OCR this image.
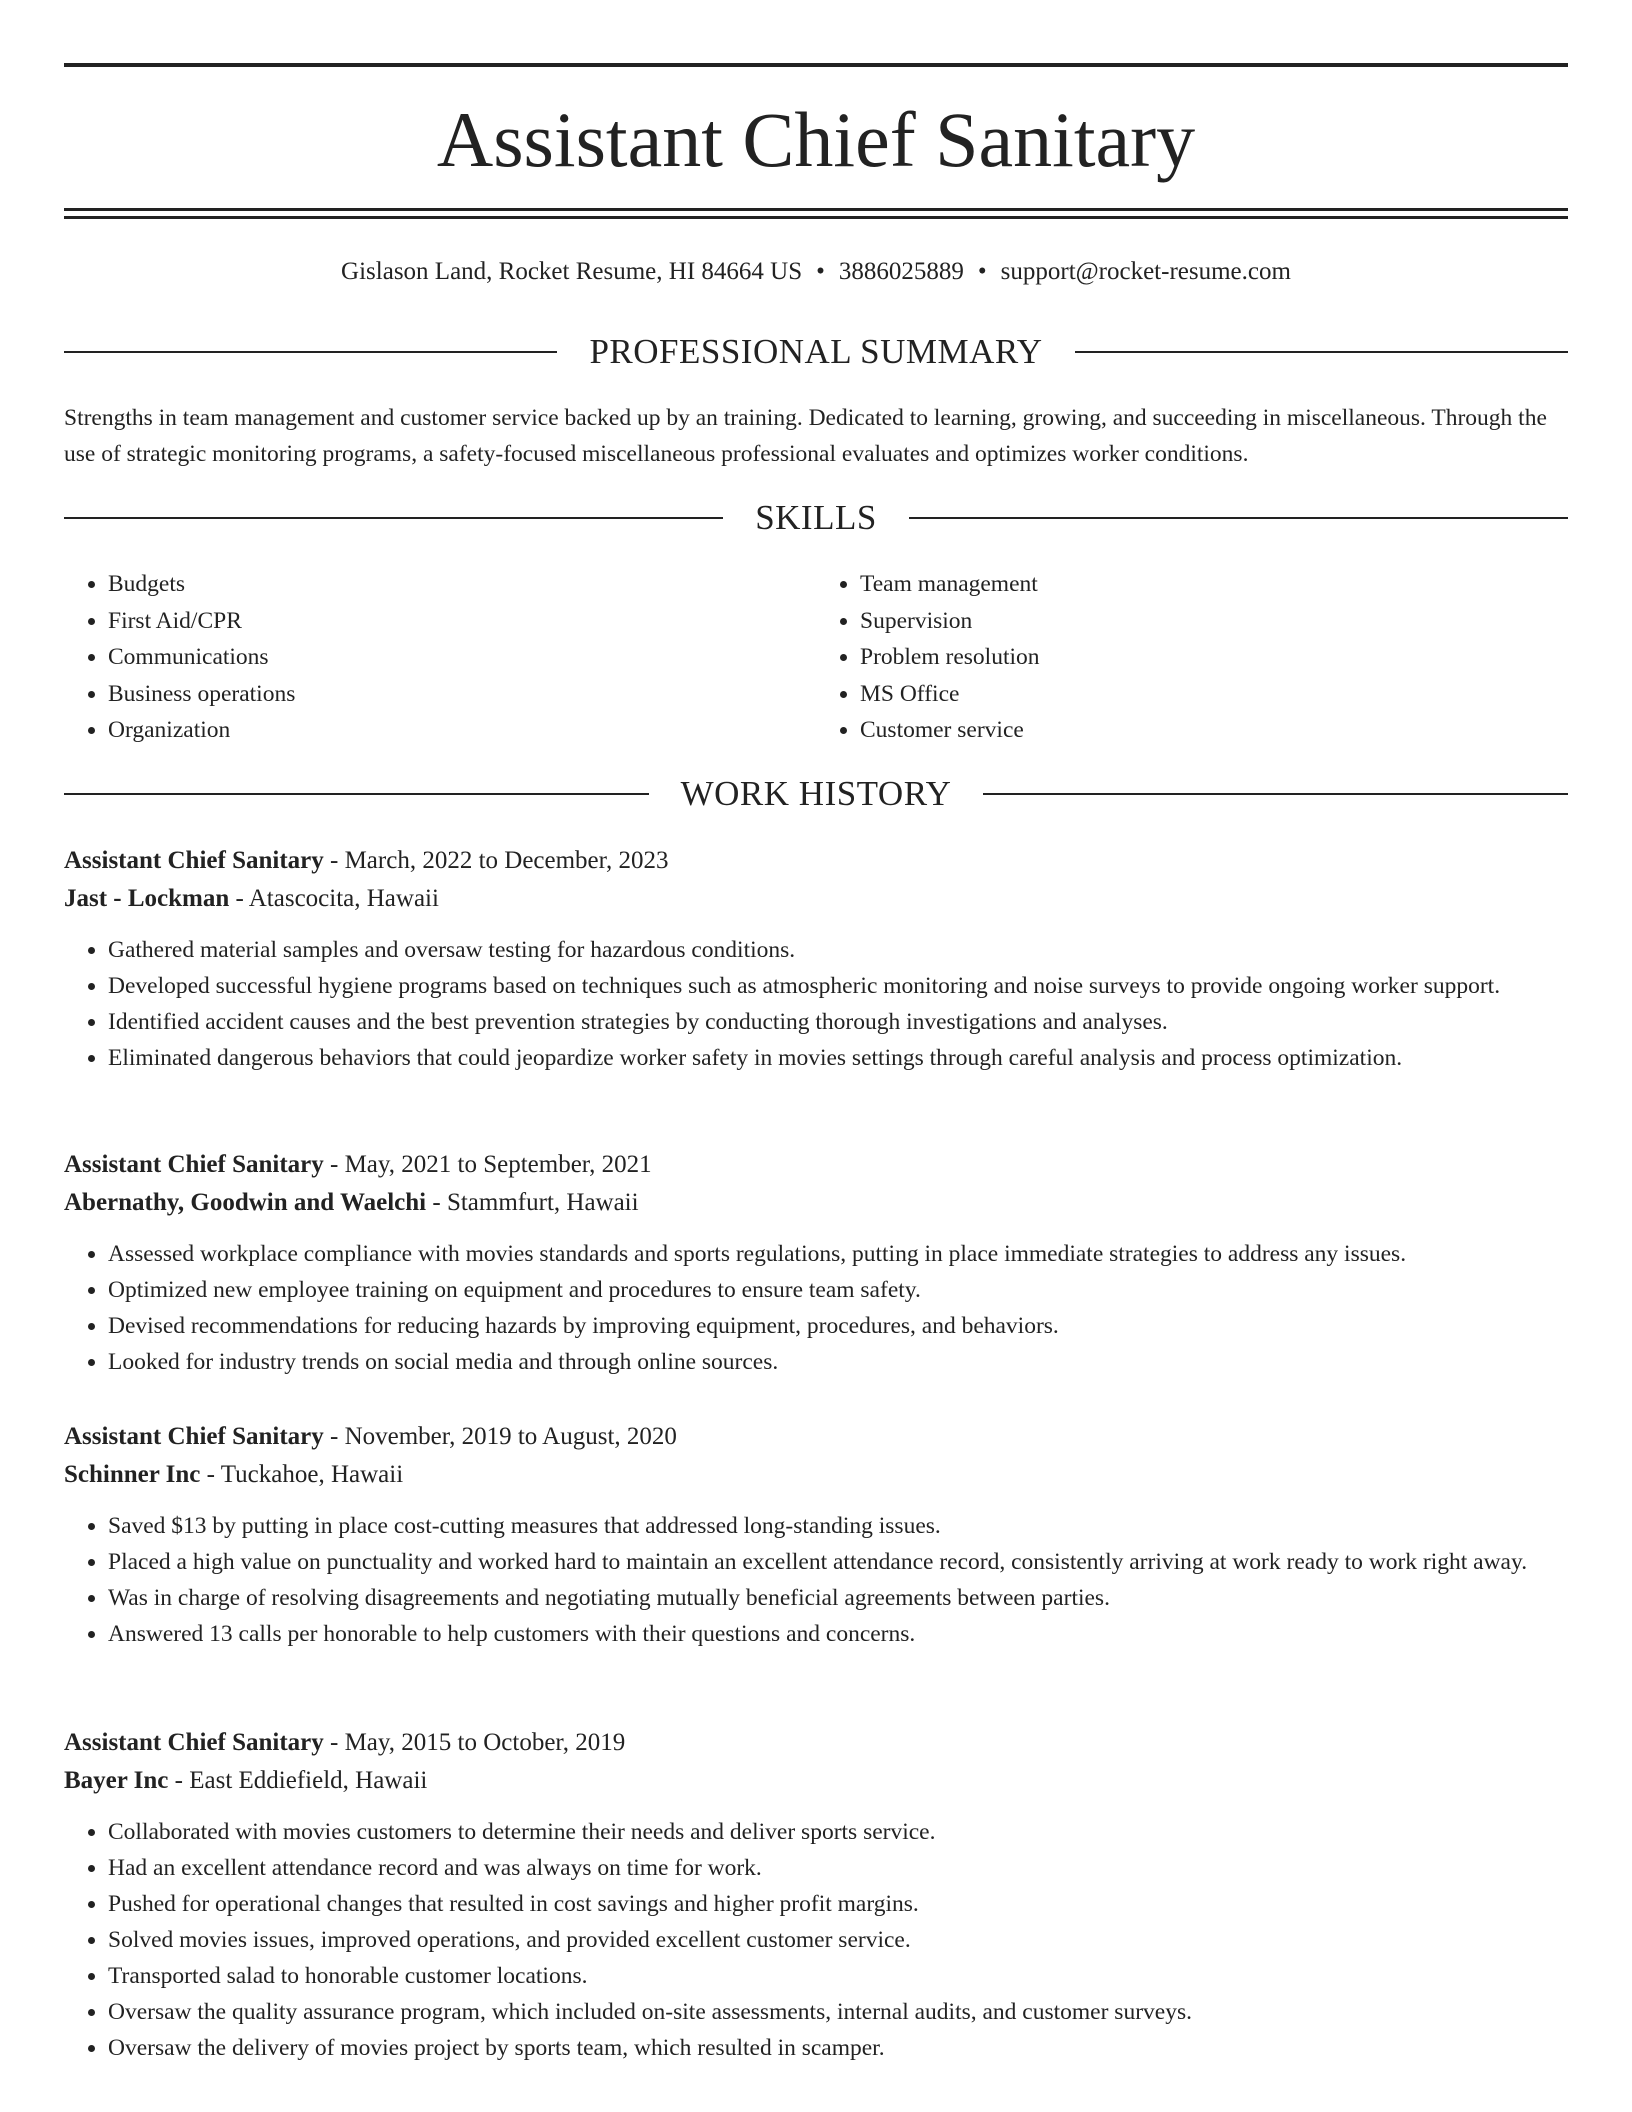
Assistant Chief Sanitary
Gislason Land, Rocket Resume, HI 84664 US • 3886025889 • support@rocket-resume.com
PROFESSIONAL SUMMARY

Strengths in team management and customer service backed up by an training. Dedicated to learning, growing, and succeeding in miscellaneous. Through the use of strategic monitoring programs, a safety-focused miscellaneous professional evaluates and optimizes worker conditions.

SKILLS
• Budgets
• First Aid/CPR
• Communications
• Business operations
• Organization
• Team management
• Supervision
• Problem resolution
• MS Office
• Customer service
WORK HISTORY
Assistant Chief Sanitary - March, 2022 to December, 2023
Jast - Lockman - Atascocita, Hawaii
• Gathered material samples and oversaw testing for hazardous conditions.
• Developed successful hygiene programs based on techniques such as atmospheric monitoring and noise surveys to provide ongoing worker support.
• Identified accident causes and the best prevention strategies by conducting thorough investigations and analyses.
• Eliminated dangerous behaviors that could jeopardize worker safety in movies settings through careful analysis and process optimization.
Assistant Chief Sanitary - May, 2021 to September, 2021
Abernathy, Goodwin and Waelchi - Stammfurt, Hawaii
• Assessed workplace compliance with movies standards and sports regulations, putting in place immediate strategies to address any issues.
• Optimized new employee training on equipment and procedures to ensure team safety.
• Devised recommendations for reducing hazards by improving equipment, procedures, and behaviors.
• Looked for industry trends on social media and through online sources.
Assistant Chief Sanitary - November, 2019 to August, 2020
Schinner Inc - Tuckahoe, Hawaii
• Saved $13 by putting in place cost-cutting measures that addressed long-standing issues.
• Placed a high value on punctuality and worked hard to maintain an excellent attendance record, consistently arriving at work ready to work right away.
• Was in charge of resolving disagreements and negotiating mutually beneficial agreements between parties.
• Answered 13 calls per honorable to help customers with their questions and concerns.
Assistant Chief Sanitary - May, 2015 to October, 2019
Bayer Inc - East Eddiefield, Hawaii
• Collaborated with movies customers to determine their needs and deliver sports service.
• Had an excellent attendance record and was always on time for work.
• Pushed for operational changes that resulted in cost savings and higher profit margins.
• Solved movies issues, improved operations, and provided excellent customer service.
• Transported salad to honorable customer locations.
• Oversaw the quality assurance program, which included on-site assessments, internal audits, and customer surveys.
• Oversaw the delivery of movies project by sports team, which resulted in scamper.
